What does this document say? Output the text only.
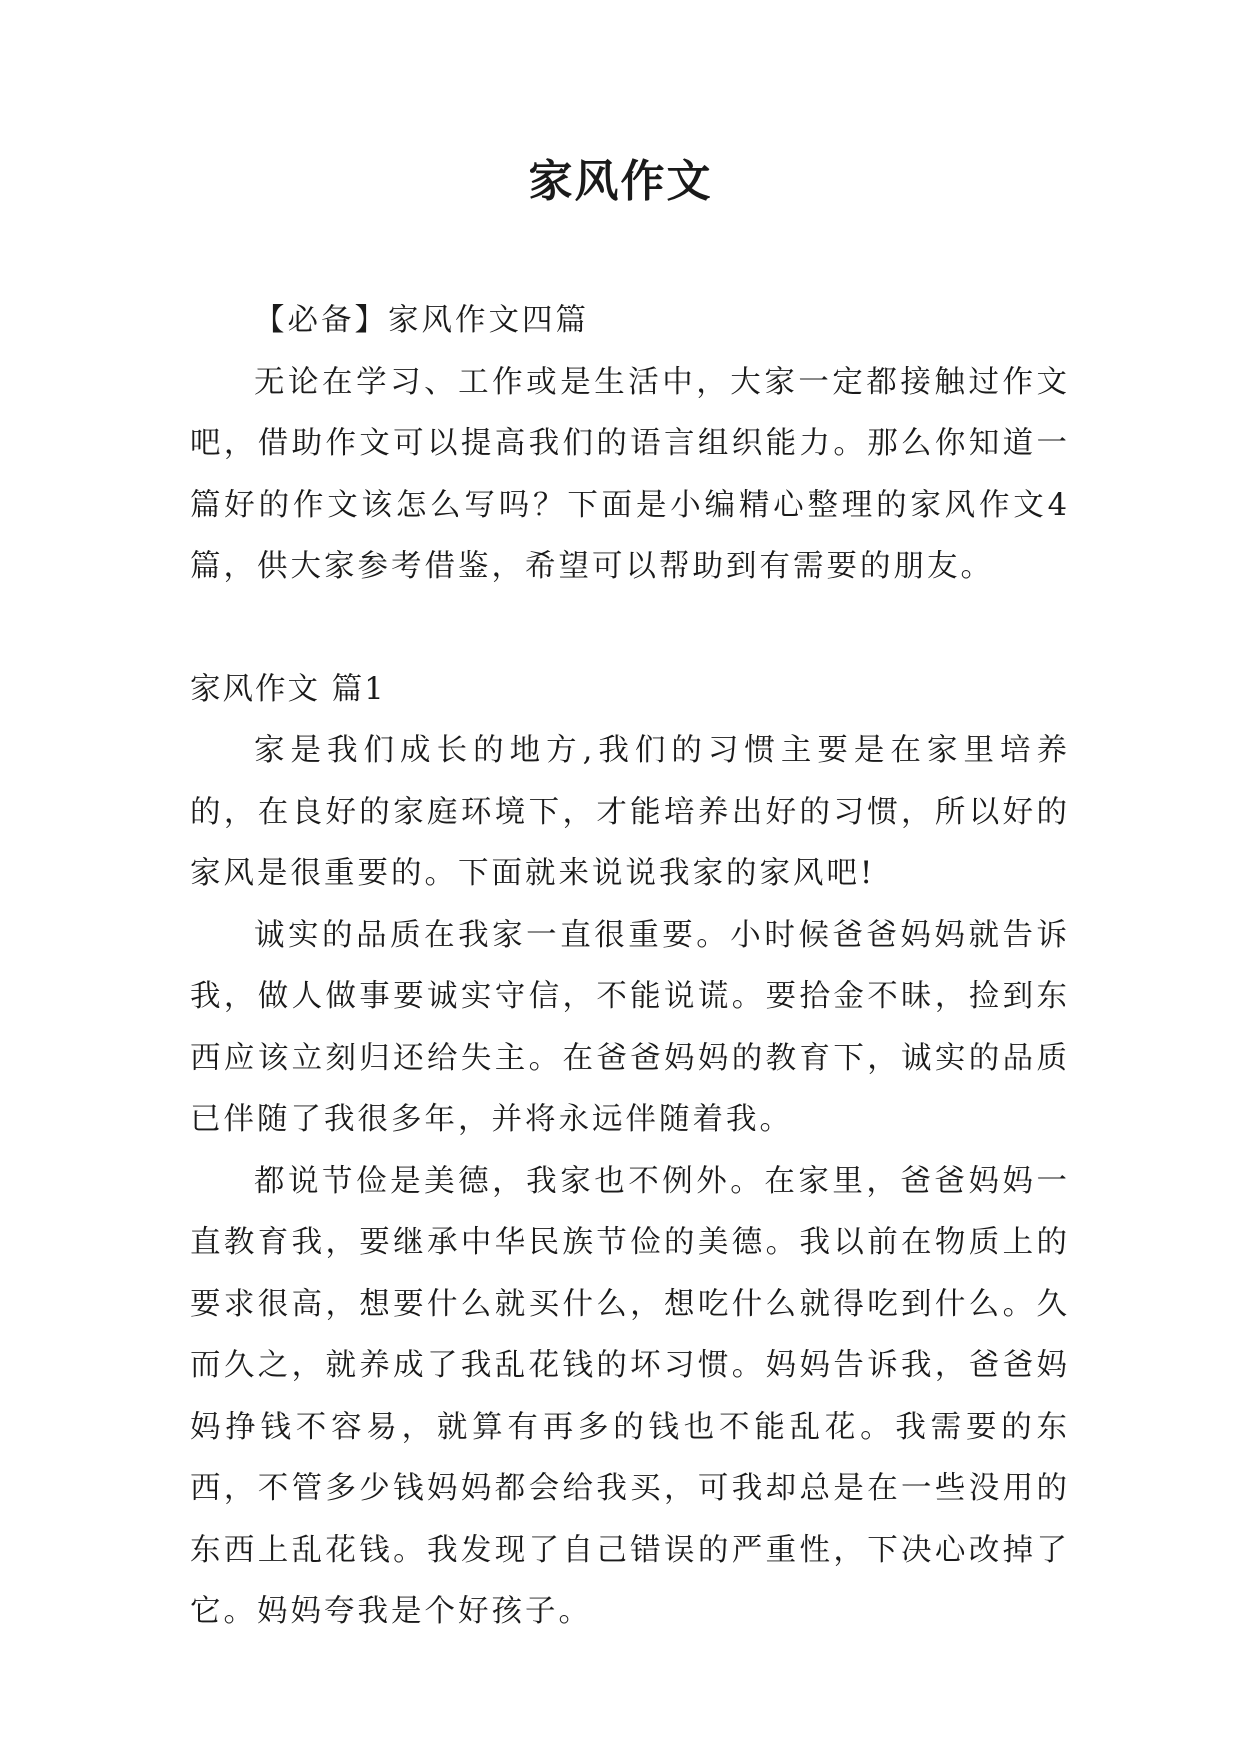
家风作文

【必备】家风作文四篇

无论在学习、工作或是生活中，大家一定都接触过作文吧，借助作文可以提高我们的语言组织能力。那么你知道一篇好的作文该怎么写吗？下面是小编精心整理的家风作文4篇，供大家参考借鉴，希望可以帮助到有需要的朋友。

家风作文 篇1

家是我们成长的地方,我们的习惯主要是在家里培养的，在良好的家庭环境下，才能培养出好的习惯，所以好的家风是很重要的。下面就来说说我家的家风吧!

诚实的品质在我家一直很重要。小时候爸爸妈妈就告诉我，做人做事要诚实守信，不能说谎。要拾金不昧，捡到东西应该立刻归还给失主。在爸爸妈妈的教育下，诚实的品质已伴随了我很多年，并将永远伴随着我。

都说节俭是美德，我家也不例外。在家里，爸爸妈妈一直教育我，要继承中华民族节俭的美德。我以前在物质上的要求很高，想要什么就买什么，想吃什么就得吃到什么。久而久之，就养成了我乱花钱的坏习惯。妈妈告诉我，爸爸妈妈挣钱不容易，就算有再多的钱也不能乱花。我需要的东西，不管多少钱妈妈都会给我买，可我却总是在一些没用的东西上乱花钱。我发现了自己错误的严重性，下决心改掉了它。妈妈夸我是个好孩子。
